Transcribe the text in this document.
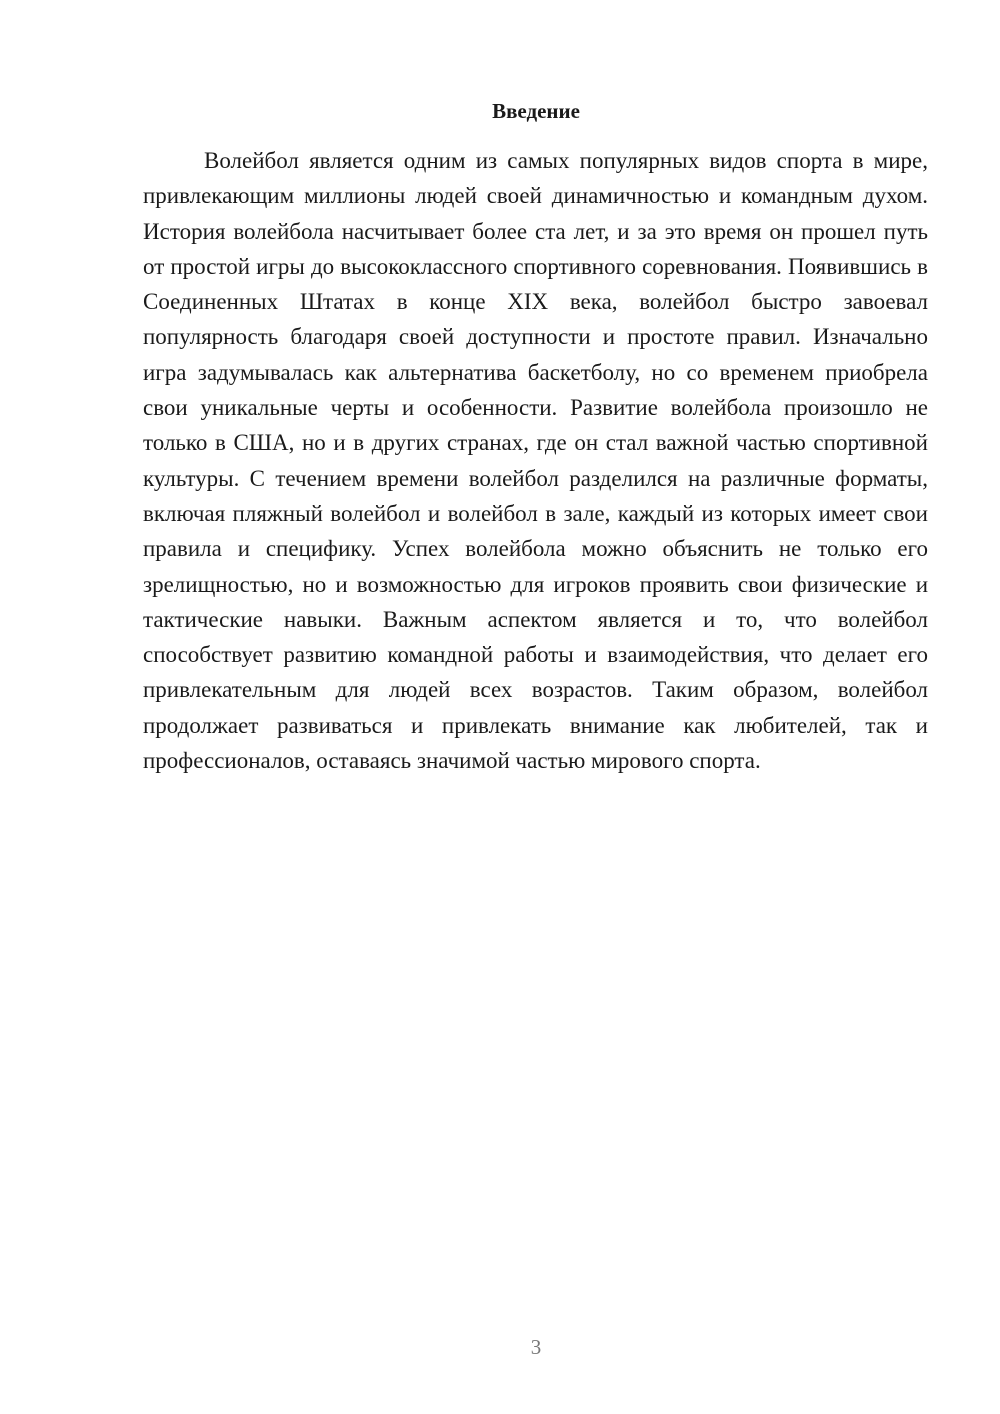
Введение

Волейбол является одним из самых популярных видов спорта в мире, привлекающим миллионы людей своей динамичностью и командным духом. История волейбола насчитывает более ста лет, и за это время он прошел путь от простой игры до высококлассного спортивного соревнования. Появившись в Соединенных Штатах в конце XIX века, волейбол быстро завоевал популярность благодаря своей доступности и простоте правил. Изначально игра задумывалась как альтернатива баскетболу, но со временем приобрела свои уникальные черты и особенности. Развитие волейбола произошло не только в США, но и в других странах, где он стал важной частью спортивной культуры. С течением времени волейбол разделился на различные форматы, включая пляжный волейбол и волейбол в зале, каждый из которых имеет свои правила и специфику. Успех волейбола можно объяснить не только его зрелищностью, но и возможностью для игроков проявить свои физические и тактические навыки. Важным аспектом является и то, что волейбол способствует развитию командной работы и взаимодействия, что делает его привлекательным для людей всех возрастов. Таким образом, волейбол продолжает развиваться и привлекать внимание как любителей, так и профессионалов, оставаясь значимой частью мирового спорта.

3
